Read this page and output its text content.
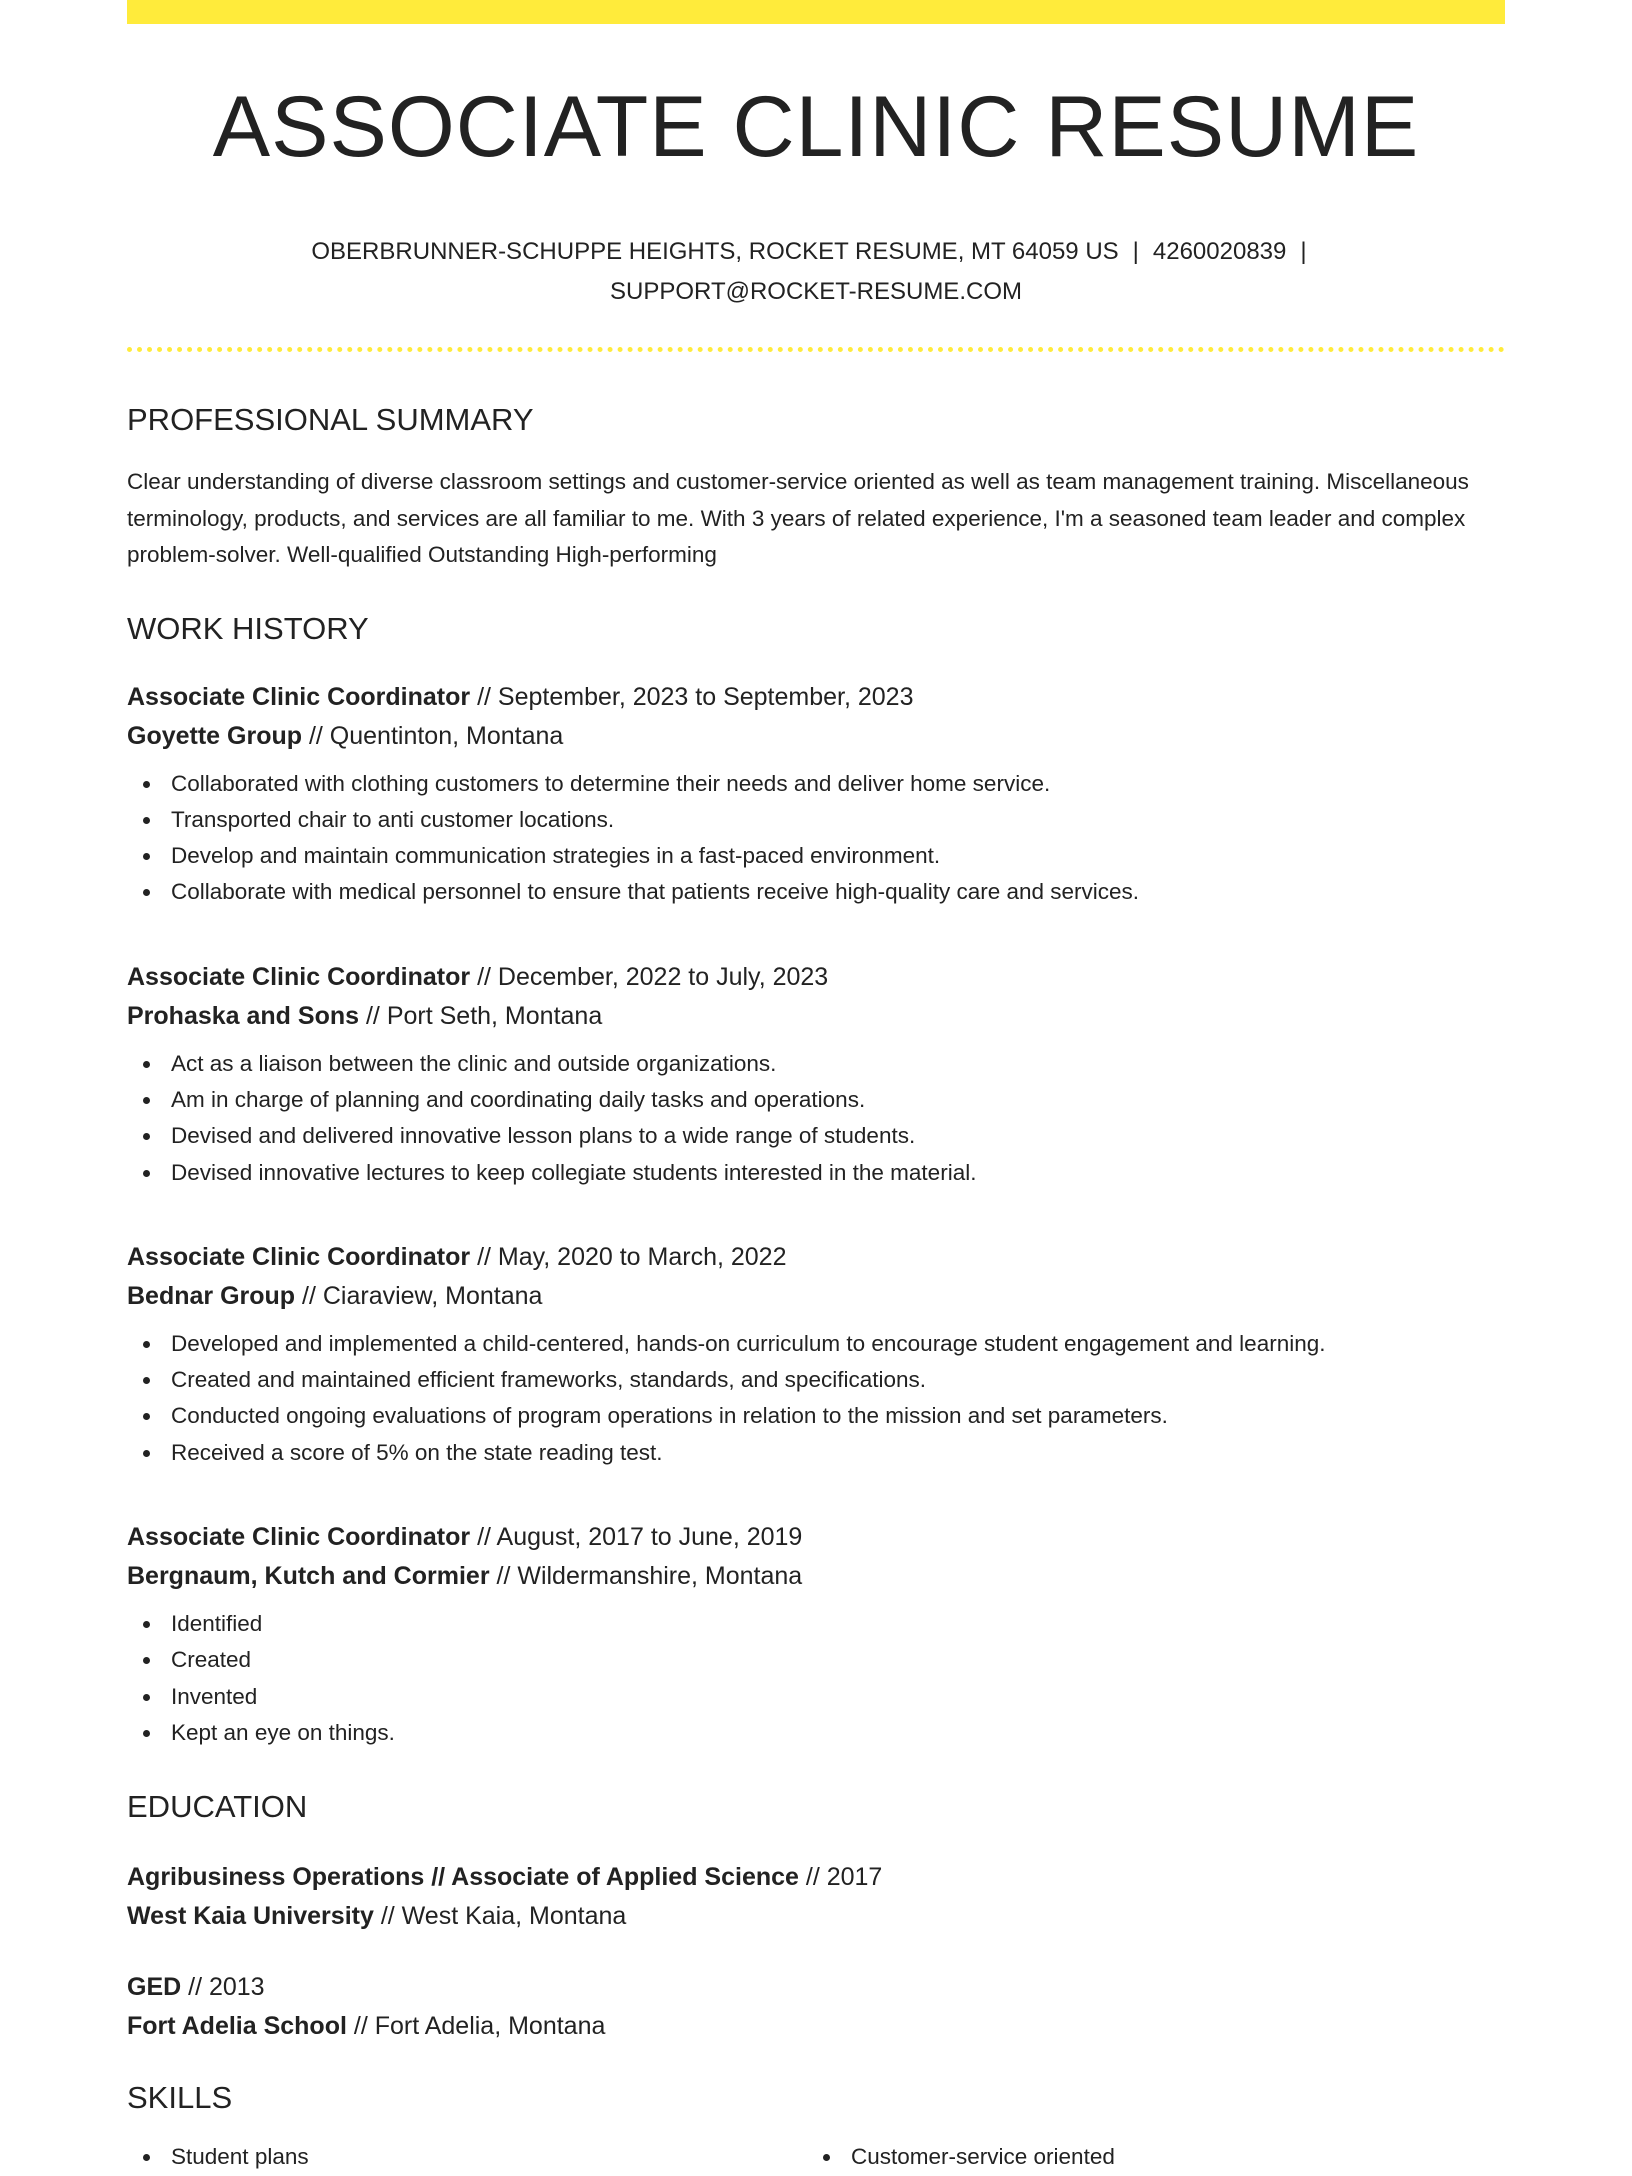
ASSOCIATE CLINIC RESUME
OBERBRUNNER-SCHUPPE HEIGHTS, ROCKET RESUME, MT 64059 US | 4260020839 |
SUPPORT@ROCKET-RESUME.COM
PROFESSIONAL SUMMARY

Clear understanding of diverse classroom settings and customer-service oriented as well as team management training. Miscellaneous terminology, products, and services are all familiar to me. With 3 years of related experience, I'm a seasoned team leader and complex problem-solver. Well-qualified Outstanding High-performing

WORK HISTORY
Associate Clinic Coordinator // September, 2023 to September, 2023
Goyette Group // Quentinton, Montana
Collaborated with clothing customers to determine their needs and deliver home service.
Transported chair to anti customer locations.
Develop and maintain communication strategies in a fast-paced environment.
Collaborate with medical personnel to ensure that patients receive high-quality care and services.
Associate Clinic Coordinator // December, 2022 to July, 2023
Prohaska and Sons // Port Seth, Montana
Act as a liaison between the clinic and outside organizations.
Am in charge of planning and coordinating daily tasks and operations.
Devised and delivered innovative lesson plans to a wide range of students.
Devised innovative lectures to keep collegiate students interested in the material.
Associate Clinic Coordinator // May, 2020 to March, 2022
Bednar Group // Ciaraview, Montana
Developed and implemented a child-centered, hands-on curriculum to encourage student engagement and learning.
Created and maintained efficient frameworks, standards, and specifications.
Conducted ongoing evaluations of program operations in relation to the mission and set parameters.
Received a score of 5% on the state reading test.
Associate Clinic Coordinator // August, 2017 to June, 2019
Bergnaum, Kutch and Cormier // Wildermanshire, Montana
Identified
Created
Invented
Kept an eye on things.
EDUCATION
Agribusiness Operations // Associate of Applied Science // 2017
West Kaia University // West Kaia, Montana
GED // 2013
Fort Adelia School // Fort Adelia, Montana
SKILLS
Student plans	Customer-service oriented
